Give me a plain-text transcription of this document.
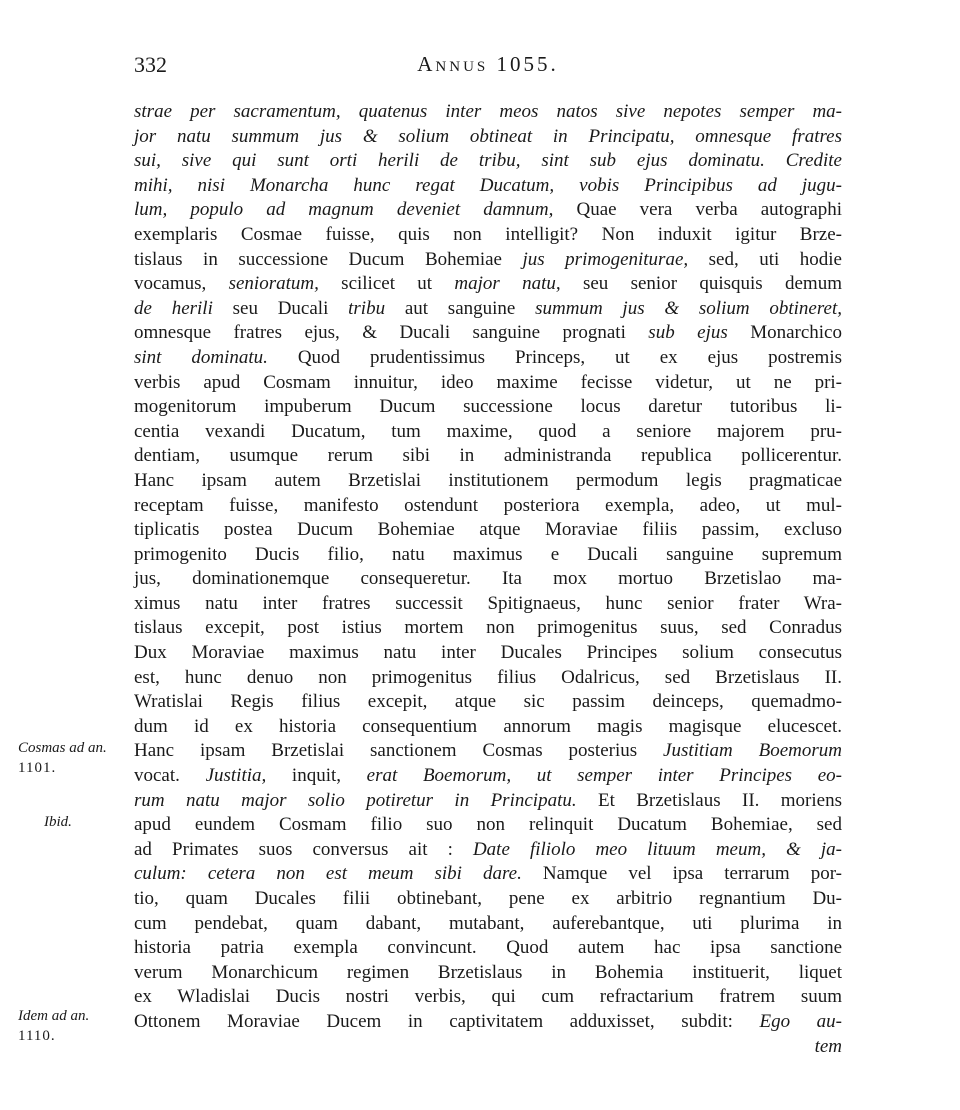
332	Annus 1055.
strae per sacramentum, quatenus inter meos natos sive nepotes semper ma-
jor natu summum jus & solium obtineat in Principatu, omnesque fratres
sui, sive qui sunt orti herili de tribu, sint sub ejus dominatu. Credite
mihi, nisi Monarcha hunc regat Ducatum, vobis Principibus ad jugu-
lum, populo ad magnum deveniet damnum, Quae vera verba autographi
exemplaris Cosmae fuisse, quis non intelligit? Non induxit igitur Brze-
tislaus in successione Ducum Bohemiae jus primogeniturae, sed, uti hodie
vocamus, senioratum, scilicet ut major natu, seu senior quisquis demum
de herili seu Ducali tribu aut sanguine summum jus & solium obtineret,
omnesque fratres ejus, & Ducali sanguine prognati sub ejus Monarchico
sint dominatu. Quod prudentissimus Princeps, ut ex ejus postremis
verbis apud Cosmam innuitur, ideo maxime fecisse videtur, ut ne pri-
mogenitorum impuberum Ducum successione locus daretur tutoribus li-
centia vexandi Ducatum, tum maxime, quod a seniore majorem pru-
dentiam, usumque rerum sibi in administranda republica pollicerentur.
Hanc ipsam autem Brzetislai institutionem permodum legis pragmaticae
receptam fuisse, manifesto ostendunt posteriora exempla, adeo, ut mul-
tiplicatis postea Ducum Bohemiae atque Moraviae filiis passim, excluso
primogenito Ducis filio, natu maximus e Ducali sanguine supremum
jus, dominationemque consequeretur. Ita mox mortuo Brzetislao ma-
ximus natu inter fratres successit Spitignaeus, hunc senior frater Wra-
tislaus excepit, post istius mortem non primogenitus suus, sed Conradus
Dux Moraviae maximus natu inter Ducales Principes solium consecutus
est, hunc denuo non primogenitus filius Odalricus, sed Brzetislaus II.
Wratislai Regis filius excepit, atque sic passim deinceps, quemadmo-
dum id ex historia consequentium annorum magis magisque elucescet.
Hanc ipsam Brzetislai sanctionem Cosmas posterius Justitiam Boemorum
vocat. Justitia, inquit, erat Boemorum, ut semper inter Principes eo-
rum natu major solio potiretur in Principatu. Et Brzetislaus II. moriens
apud eundem Cosmam filio suo non relinquit Ducatum Bohemiae, sed
ad Primates suos conversus ait : Date filiolo meo lituum meum, & ja-
culum: cetera non est meum sibi dare. Namque vel ipsa terrarum por-
tio, quam Ducales filii obtinebant, pene ex arbitrio regnantium Du-
cum pendebat, quam dabant, mutabant, auferebantque, uti plurima in
historia patria exempla convincunt. Quod autem hac ipsa sanctione
verum Monarchicum regimen Brzetislaus in Bohemia instituerit, liquet
ex Wladislai Ducis nostri verbis, qui cum refractarium fratrem suum
Ottonem Moraviae Ducem in captivitatem adduxisset, subdit: Ego au-
tem
Cosmas ad an.
1101.
Ibid.
Idem ad an.
1110.
